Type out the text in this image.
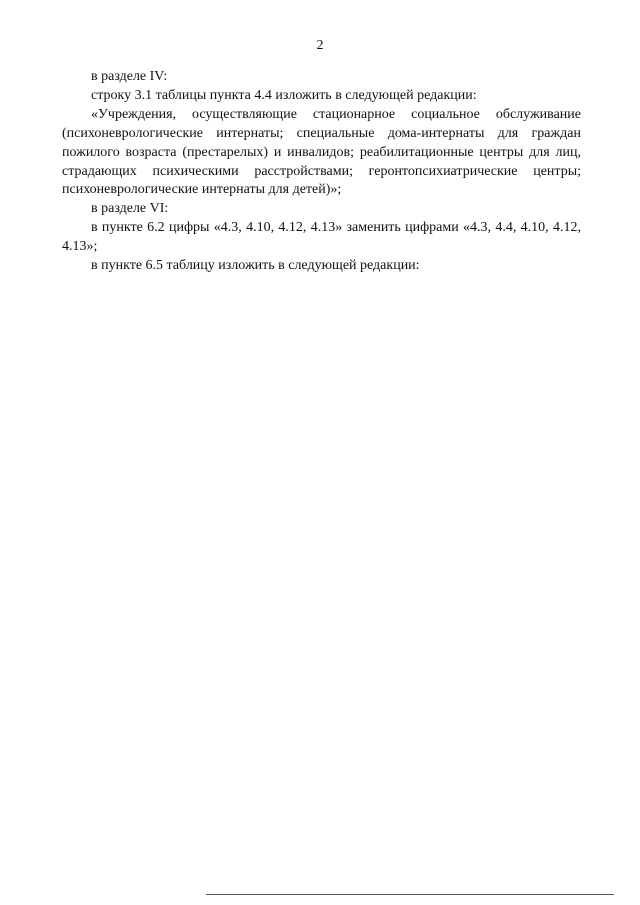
2

в разделе IV:

строку 3.1 таблицы пункта 4.4 изложить в следующей редакции:

«Учреждения, осуществляющие стационарное социальное обслуживание (психоневрологические интернаты; специальные дома-интернаты для граждан пожилого возраста (престарелых) и инвалидов; реабилитационные центры для лиц, страдающих психическими расстройствами; геронтопсихиатрические центры; психоневрологические интернаты для детей)»;

в разделе VI:

в пункте 6.2 цифры «4.3, 4.10, 4.12, 4.13» заменить цифрами «4.3, 4.4, 4.10, 4.12, 4.13»;

в пункте 6.5 таблицу изложить в следующей редакции:
